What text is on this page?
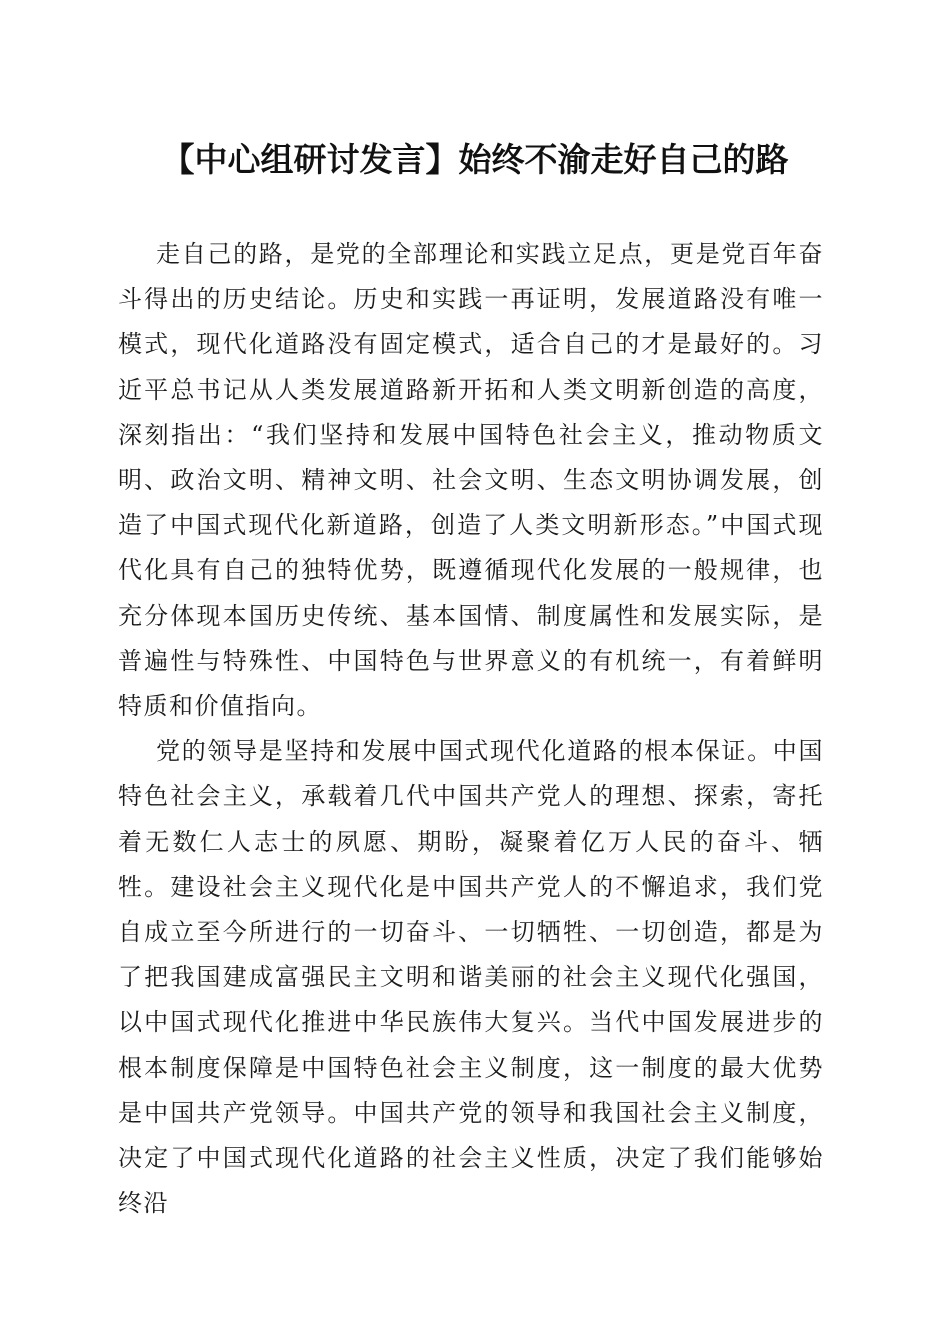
【中心组研讨发言】始终不渝走好自己的路

走自己的路，是党的全部理论和实践立足点，更是党百年奋斗得出的历史结论。历史和实践一再证明，发展道路没有唯一模式，现代化道路没有固定模式，适合自己的才是最好的。习近平总书记从人类发展道路新开拓和人类文明新创造的高度，深刻指出：“我们坚持和发展中国特色社会主义，推动物质文明、政治文明、精神文明、社会文明、生态文明协调发展，创造了中国式现代化新道路，创造了人类文明新形态。”中国式现代化具有自己的独特优势，既遵循现代化发展的一般规律，也充分体现本国历史传统、基本国情、制度属性和发展实际，是普遍性与特殊性、中国特色与世界意义的有机统一，有着鲜明特质和价值指向。

党的领导是坚持和发展中国式现代化道路的根本保证。中国特色社会主义，承载着几代中国共产党人的理想、探索，寄托着无数仁人志士的夙愿、期盼，凝聚着亿万人民的奋斗、牺牲。建设社会主义现代化是中国共产党人的不懈追求，我们党自成立至今所进行的一切奋斗、一切牺牲、一切创造，都是为了把我国建成富强民主文明和谐美丽的社会主义现代化强国，以中国式现代化推进中华民族伟大复兴。当代中国发展进步的根本制度保障是中国特色社会主义制度，这一制度的最大优势是中国共产党领导。中国共产党的领导和我国社会主义制度，决定了中国式现代化道路的社会主义性质，决定了我们能够始终沿
